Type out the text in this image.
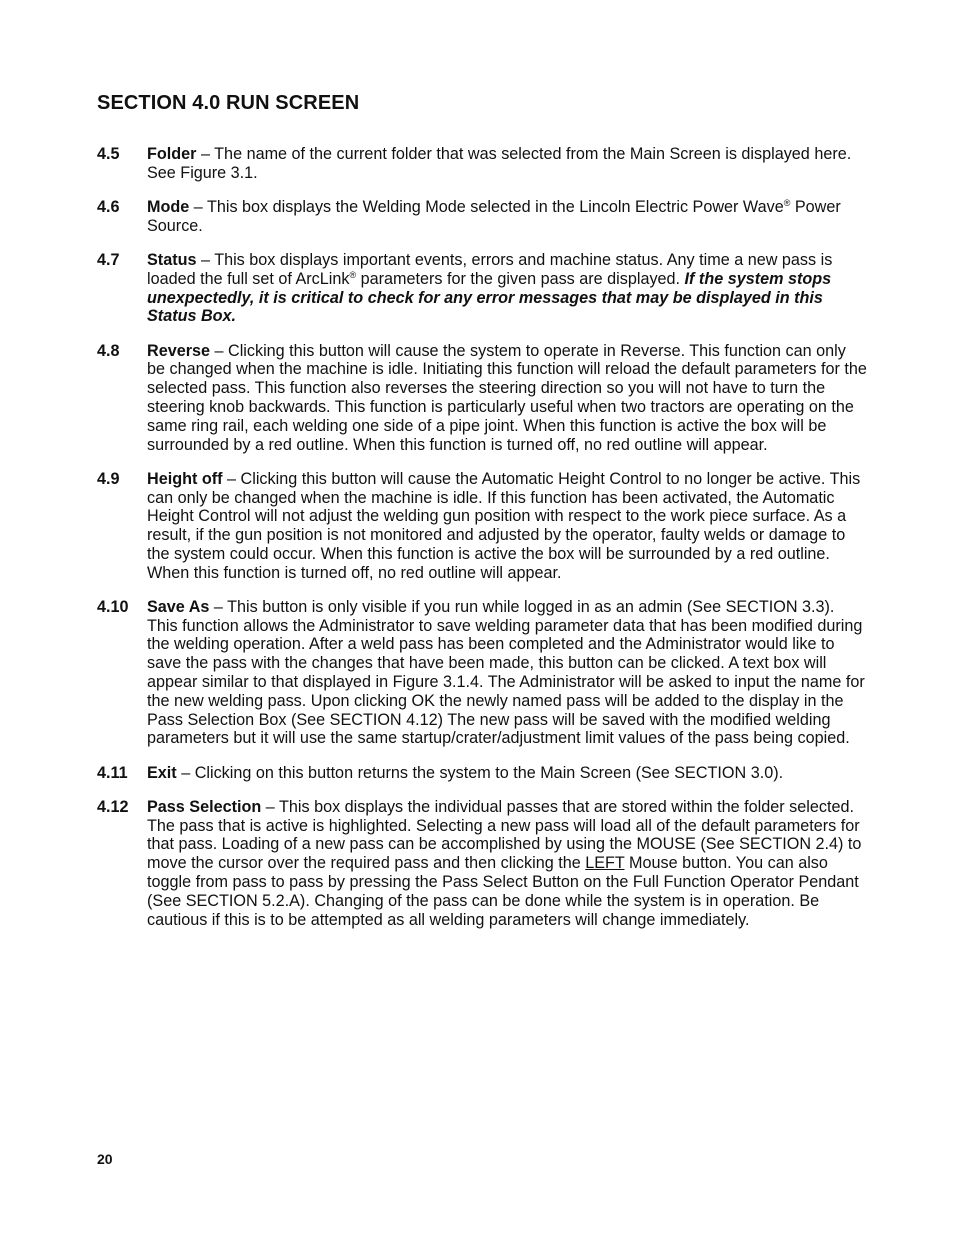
SECTION 4.0 RUN SCREEN
4.5 Folder – The name of the current folder that was selected from the Main Screen is displayed here. See Figure 3.1.
4.6 Mode – This box displays the Welding Mode selected in the Lincoln Electric Power Wave® Power Source.
4.7 Status – This box displays important events, errors and machine status. Any time a new pass is loaded the full set of ArcLink® parameters for the given pass are displayed. If the system stops unexpectedly, it is critical to check for any error messages that may be displayed in this Status Box.
4.8 Reverse – Clicking this button will cause the system to operate in Reverse. This function can only be changed when the machine is idle. Initiating this function will reload the default parameters for the selected pass. This function also reverses the steering direction so you will not have to turn the steering knob backwards. This function is particularly useful when two tractors are operating on the same ring rail, each welding one side of a pipe joint. When this function is active the box will be surrounded by a red outline. When this function is turned off, no red outline will appear.
4.9 Height off – Clicking this button will cause the Automatic Height Control to no longer be active. This can only be changed when the machine is idle. If this function has been activated, the Automatic Height Control will not adjust the welding gun position with respect to the work piece surface. As a result, if the gun position is not monitored and adjusted by the operator, faulty welds or damage to the system could occur. When this function is active the box will be surrounded by a red outline. When this function is turned off, no red outline will appear.
4.10 Save As – This button is only visible if you run while logged in as an admin (See SECTION 3.3). This function allows the Administrator to save welding parameter data that has been modified during the welding operation. After a weld pass has been completed and the Administrator would like to save the pass with the changes that have been made, this button can be clicked. A text box will appear similar to that displayed in Figure 3.1.4. The Administrator will be asked to input the name for the new welding pass. Upon clicking OK the newly named pass will be added to the display in the Pass Selection Box (See SECTION 4.12) The new pass will be saved with the modified welding parameters but it will use the same startup/crater/adjustment limit values of the pass being copied.
4.11 Exit – Clicking on this button returns the system to the Main Screen (See SECTION 3.0).
4.12 Pass Selection – This box displays the individual passes that are stored within the folder selected. The pass that is active is highlighted. Selecting a new pass will load all of the default parameters for that pass. Loading of a new pass can be accomplished by using the MOUSE (See SECTION 2.4) to move the cursor over the required pass and then clicking the LEFT Mouse button. You can also toggle from pass to pass by pressing the Pass Select Button on the Full Function Operator Pendant (See SECTION 5.2.A). Changing of the pass can be done while the system is in operation. Be cautious if this is to be attempted as all welding parameters will change immediately.
20
